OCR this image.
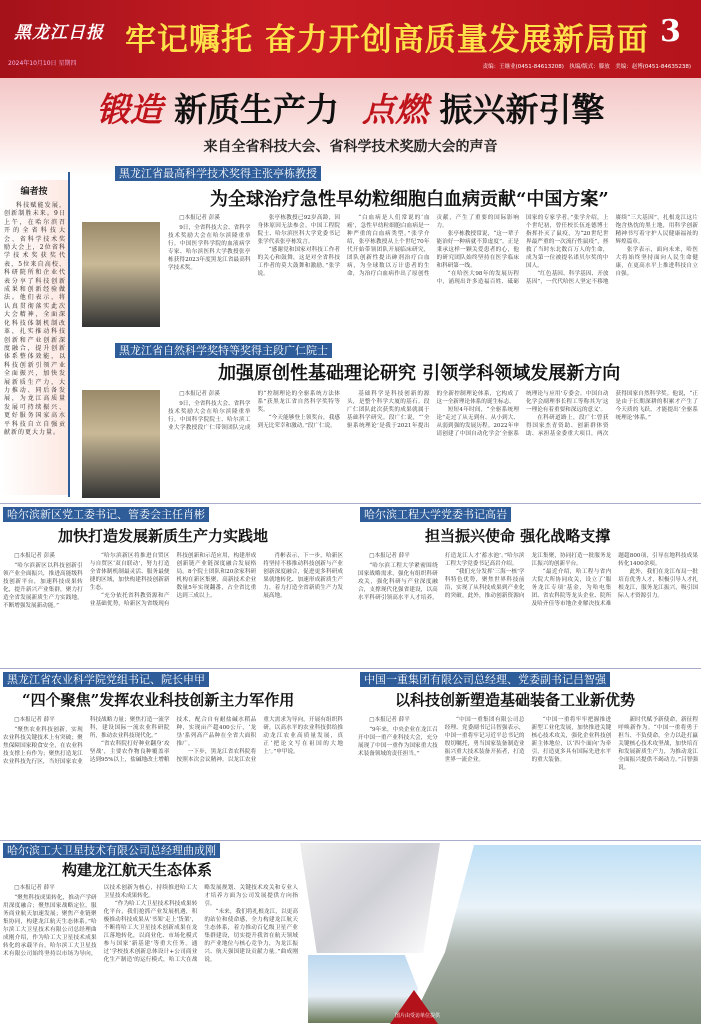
黑龙江日报
2024年10月10日 星期四
牢记嘱托 奋力开创高质量发展新局面 3
责编：王继业(0451-84613208)　执编/版式：滕放　美编：赵博(0451-84635238)
锻造 新质生产力 点燃 振兴新引擎
来自全省科技大会、省科学技术奖励大会的声音
编者按
科技赋能发展，创新制胜未来。9日上午，在哈尔滨召开的全省科技大会、省科学技术奖励大会上，2位省科学技术奖获奖代表，5位来自高校、科研院所和企业代表分享了科技创新成果和创新经验做法。他们表示，将认真贯彻落实此次大会精神，全面深化科技体制机制改革，扎实推动科技创新和产业创新深度融合，提升创新体系整体效能，以科技创新引领产业全面振兴，加快发展新质生产力，大力推动、同后备发展，为龙江高质量发展可持续振兴、更好服务国家高水平科技自立自强贡献新的更大力量。
黑龙江省最高科学技术奖得主张亭栋教授
为全球治疗急性早幼粒细胞白血病贡献“中国方案”
□本报记者 彭溪

9日，全省科技大会、省科学技术奖励大会在哈尔滨隆重举行。中国医学科学院的血液病学专家、哈尔滨医科大学教授张亭栋获得2023年度黑龙江省最高科学技术奖。

张亭栋教授已92岁高龄，因身体原因无法参会。中国工程院院士、哈尔滨医科大学党委书记张学代表张亭栋发言。

“感谢党和国家对科技工作者的关心和鼓舞，这是对全省科技工作者的莫大鼓舞和激励。”张学说。

“白血病是人们常说的‘血癌’，急性早幼粒细胞白血病是一种严重的白血病类型。”张学介绍，张亭栋教授从上个世纪70年代开始带领团队开展临床研究，团队创新性提出砷剂治疗白血病，为全球数以万计患者的生命，为治疗白血病作出了原创性贡献，产生了重要的国际影响力。

张亭栋教授常说，“这一辈子能治好一种病就不算虚度”。正是秉承这样一颗关爱患者的心，他的研究团队始终坚持在医学临床和科研第一线。

“在哈医大98年的发展历程中，涌现出许多造福百姓、砥砺国家的专家学者。”张学介绍，上个世纪初，曾任校长伍连德博士指挥扑灭了鼠疫，为“20世纪世界最严重的一次流行性鼠疫”，拯救了当时东北数百万人的生命，成为第一位被提名诺贝尔奖的中国人。

“红色基因、科学基因、开放基因”，一代代哈医人坚定不移地赓续“三大基因”，扎根龙江这片饱含热忱的黑土地，用科学创新精神书写着守护人民健康福祉的辉煌篇章。

张学表示，面向未来，哈医大将始终坚持面向人民生命健康，在更高水平上推进科技自立自强。

黑龙江省自然科学奖特等奖得主段广仁院士
加强原创性基础理论研究 引领学科领域发展新方向
□本报记者 彭溪

9日，全省科技大会、省科学技术奖励大会在哈尔滨隆重举行。中国科学院院士、哈尔滨工业大学教授段广仁带领团队完成的“控制理论的全驱系统方法体系”获黑龙江省自然科学奖特等奖。

“今天能够登上领奖台，我感到无比荣幸和激动。”段广仁说。

基础科学是科技创新的源头，是整个科学大厦的基石。段广仁团队此次获奖的成果就属于基础科学研究。段广仁说，“‘全驱系统理论’是我于2021年提出的全新控制理论体系，它构成了这一全新理论体系的诞生标志。

短短4年时间，“全驱系统理论”走过了从无到有、从小到大、从弱到强的发展历程。2022年申请创建了中国自动化学会‘全驱系统理论与应用’专委会。中国自动化学会副理事长程工等称其为‘这一理论有着重要和深远的意义’。

在科研道路上，段广仁曾获得国家杰青资助、创新群体资助、承担基金委重大项目，两次获得国家自然科学奖。他说，“正是由于长期深耕的积累才产生了今天质的飞跃，才能提出‘全驱系统理论’体系。”

哈尔滨新区党工委书记、管委会主任肖彬
加快打造发展新质生产力实践地
□本报记者 彭溪

“哈尔滨新区以科技创新引领产业全面振兴，推进高能级科技创新平台，加速科技成果转化，提升新兴产业集群，聚力打造全省发展新质生产力实践地，不断增强发展新动能。”

“哈尔滨新区将推进自贸区与自贸区‘双自联动’，努力打造全省体制机制最灵活、服务最便捷的区域，加快构建科技创新新生态。

“充分依托省科教资源和产业基础优势，哈新区为省级现有科技创新和示范应用，构建形成创新链产业链深度融合发展格局。8个院士团队和20余家科研机构在新区集聚，高新技术企业数量5年实现翻番，占全省比重达到三成以上。

肖彬表示，下一步，哈新区将坚持不移推动科技创新与产业创新深度融合，促进更多科研成果就地转化、加速形成新质生产力，着力打造全省新质生产力发展高地。

哈尔滨工程大学党委书记高岩
担当振兴使命 强化战略支撑
□本报记者 薛平

“哈尔滨工程大学紧密围绕国家战略需求，强化有组织科研攻关，强化科研与产业深度融合，支撑现代化强省建设，以高水平科研引领高水平人才培养，打造龙江人才‘蓄水池’。”哈尔滨工程大学党委书记高岩介绍。

“我们充分发挥‘三海一核’学科特色优势，聚焦世界科技前沿，实现了从科技成果到产业化的突破。此外，推动创新资源向龙江集聚，协同打造一批服务龙江振兴的创新平台。

“最近介绍，哈工程与省内大院大所协同攻关，设立了‘服务龙江专项’基金，为哈电集团、省农科院等龙头企业、院所及哈齐佳等市地企业解决技术难题超800项，引导在地科技成果转化1400余项。

此外，我们在龙江布局一批培育优秀人才，积极引导人才扎根龙江，服务龙江振兴，吸引国际人才资源引力。

黑龙江省农业科学院党组书记、院长申甲
“四个聚焦”发挥农业科技创新主力军作用
□本报记者 薛平

“聚焦农业科技创新，实现农业科技关键技术上有突破；聚焦保障国家粮食安全，在农业科技支撑上有作为；聚焦打造龙江农业科技先行区，当好国家农业科技战略力量；聚焦打造一流学科，建设国际一流农业科研院所，推动农业科技现代化。”

“省农科院打好种业翻身‘攻坚战’，主要农作物良种覆盖率达到95%以上，盐碱地改土增粮技术，配合自有耐盐碱水稻品种，实现亩产超400公斤，‘龙垦’系列高产品种在全省大面积推广。

一下步，黑龙江省农科院将按照本次会议精神，以龙江农业重大需求为导向，开展有组织科研，以高水平的农业科技供给推动龙江农业高质量发展，真正‘把论文写在祖国的大地上’。”申甲说。

中国一重集团有限公司总经理、党委副书记吕智强
以科技创新塑造基础装备工业新优势
□本报记者 薛平

“9年来，中央企业在龙江召开中国一重产业科技大会，充分展现了中国一重作为国家重大技术装备领域的责任担当。”

“中国一重集团有限公司总经理、党委副书记吕智强表示，中国一重将牢记习近平总书记的殷切嘱托，勇当国家装备制造业振兴重大技术装备开拓者，打造世界一流企业。

“中国一重将牢牢把握推进新型工业化发展，加快推进关键核心技术攻关，强化企业科技创新主体地位，以‘四个面向’为牵引，打造更多具有国际先进水平的重大装备。

新时代赋予新使命，新征程呼唤新作为。“中国一重将勇于担当、不负使命，全力以赴打赢关键核心技术攻坚战，加快培育和发展新质生产力，为推动龙江全面振兴提供不竭动力。”吕智强说。

哈尔滨工大卫星技术有限公司总经理曲成刚
构建龙江航天生态体系
□本报记者 薛平

“聚焦科技成果转化，推动产学研用深度融合；聚焦国家战略定位，服务商业航天加速发展；聚焦产业链聚集协同，构建龙江航天生态体系。”哈尔滨工大卫星技术有限公司总经理曲成刚介绍，作为哈工大卫星技术成果转化的承载平台，哈尔滨工大卫星技术有限公司始终坚持以市场为导向，以技术创新为核心，持续推进哈工大卫星技术成果转化。

“作为哈工大卫星技术科技成果转化平台，我们抢抓产业发展机遇，积极推动科技成果从‘书架’走上‘货架’，不断将哈工大卫星技术创新成果在龙江落地转化，以商业化、市场化模式参与国家‘新基建’等重大任务。通过‘学校技术创新总体设计+公司商业化生产制造’的运行模式，哈工大在战略发展规划、关键技术攻关和专业人才培养方面为公司发展提供方向指引。

“未来，我们将扎根龙江，以更高的站位和使命感，全力构建龙江航天生态体系，着力推动百亿级卫星产业集群建设，切实提升我省在航天领域的产业地位与核心竞争力，为龙江振兴、航天强国建设贡献力量。”曲成刚说。

图片由受访单位提供
